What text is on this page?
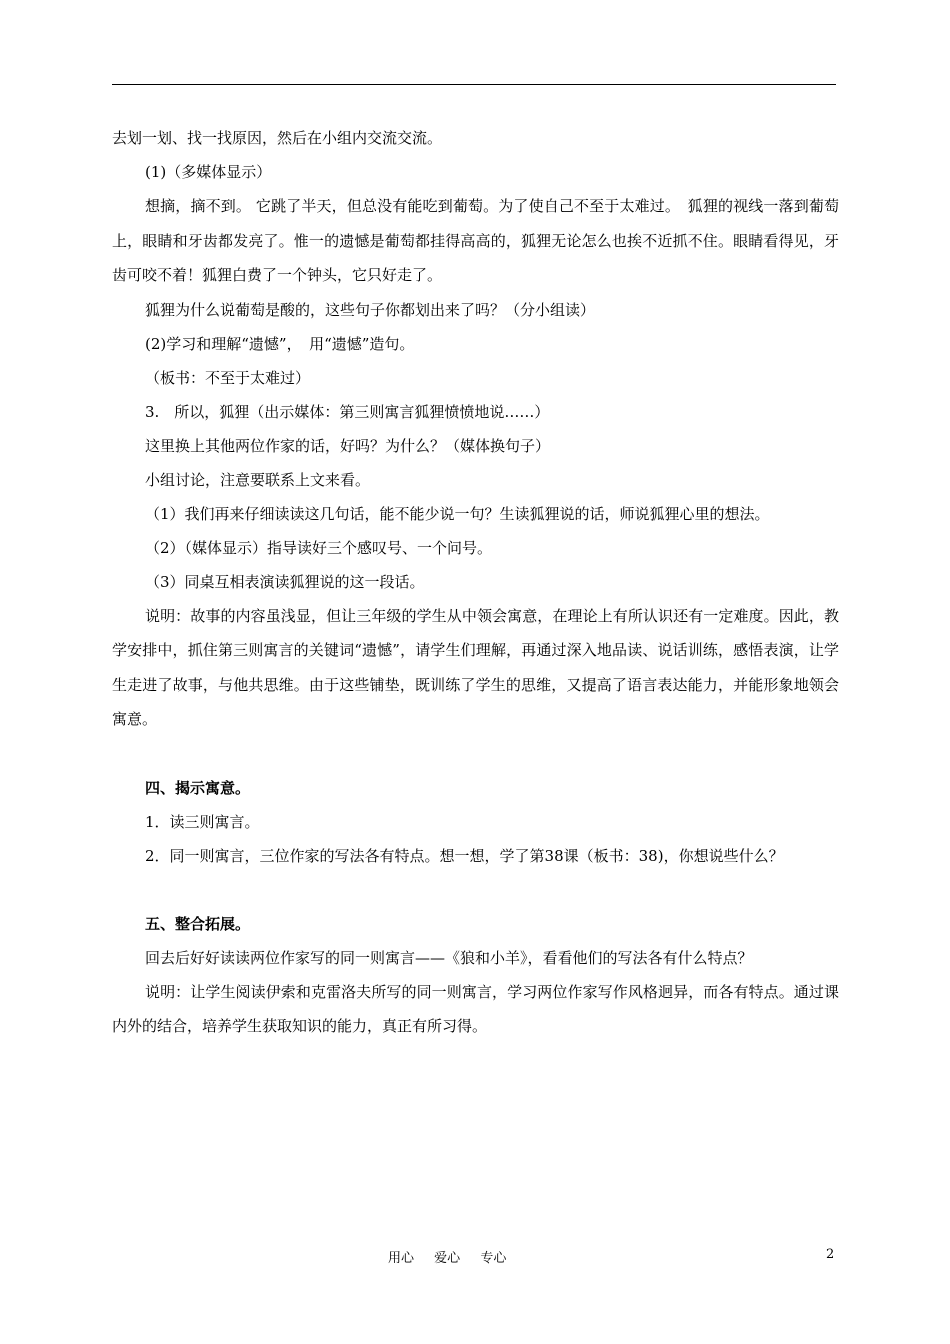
去划一划、找一找原因，然后在小组内交流交流。

(1)（多媒体显示）

想摘，摘不到。 它跳了半天，但总没有能吃到葡萄。为了使自己不至于太难过。　狐狸的视线一落到葡萄上，眼睛和牙齿都发亮了。惟一的遗憾是葡萄都挂得高高的，狐狸无论怎么也挨不近抓不住。眼睛看得见，牙齿可咬不着！狐狸白费了一个钟头，它只好走了。

狐狸为什么说葡萄是酸的，这些句子你都划出来了吗？（分小组读）

(2)学习和理解“遗憾”，　用“遗憾”造句。

（板书：不至于太难过）

3.　所以，狐狸（出示媒体：第三则寓言狐狸愤愤地说……）

这里换上其他两位作家的话，好吗？为什么？（媒体换句子）

小组讨论，注意要联系上文来看。

（1）我们再来仔细读读这几句话，能不能少说一句？生读狐狸说的话，师说狐狸心里的想法。

（2）（媒体显示）指导读好三个感叹号、一个问号。

（3）同桌互相表演读狐狸说的这一段话。

说明：故事的内容虽浅显，但让三年级的学生从中领会寓意，在理论上有所认识还有一定难度。因此，教学安排中，抓住第三则寓言的关键词“遗憾”，请学生们理解，再通过深入地品读、说话训练，感悟表演，让学生走进了故事，与他共思维。由于这些铺垫，既训练了学生的思维，又提高了语言表达能力，并能形象地领会寓意。

四、揭示寓意。

1．读三则寓言。

2．同一则寓言，三位作家的写法各有特点。想一想，学了第38课（板书：38)，你想说些什么？

五、整合拓展。

回去后好好读读两位作家写的同一则寓言——《狼和小羊》，看看他们的写法各有什么特点？

说明：让学生阅读伊索和克雷洛夫所写的同一则寓言，学习两位作家写作风格迥异，而各有特点。通过课内外的结合，培养学生获取知识的能力，真正有所习得。

用心 爱心 专心	2
